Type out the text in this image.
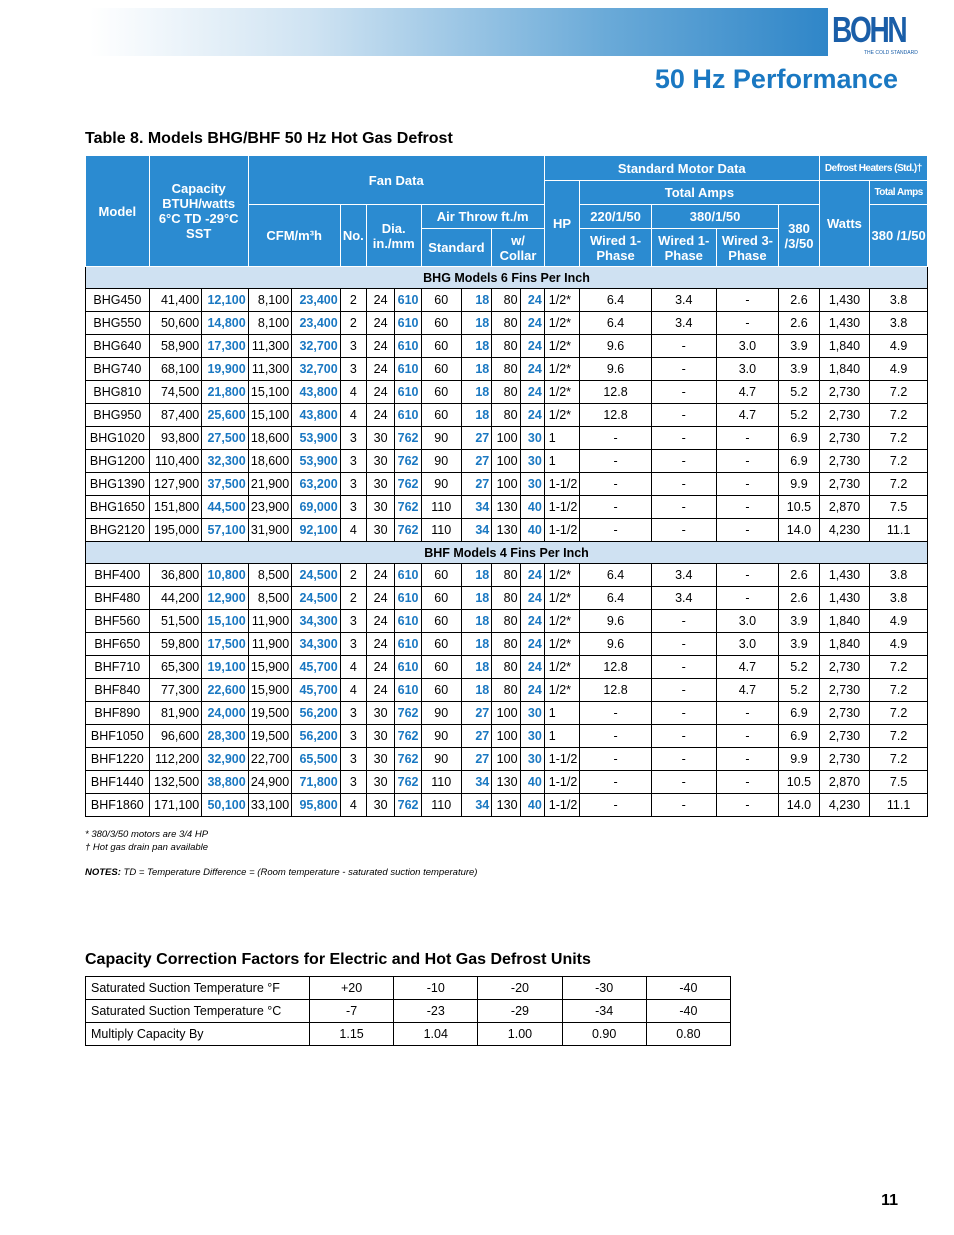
BOHN
THE COLD STANDARD
50 Hz Performance
Table 8. Models BHG/BHF 50 Hz Hot Gas Defrost
Model	Capacity BTUH/watts 6°C TD -29°C SST		Fan Data									Standard Motor Data					Defrost Heaters (Std.)†	
												HP	Total Amps				Watts	Total Amps
			CFM/m³h		No.	Dia. in./mm		Air Throw ft./m					220/1/50	380/1/50		380 /3/50		380 /1/50
								Standard		w/ Collar			Wired 1-Phase	Wired 1-Phase	Wired 3-Phase			
BHG Models 6 Fins Per Inch																		
BHG450	41,400	12,100	8,100	23,400	2	24	610	60	18	80	24	1/2*	6.4	3.4	-	2.6	1,430	3.8
BHG550	50,600	14,800	8,100	23,400	2	24	610	60	18	80	24	1/2*	6.4	3.4	-	2.6	1,430	3.8
BHG640	58,900	17,300	11,300	32,700	3	24	610	60	18	80	24	1/2*	9.6	-	3.0	3.9	1,840	4.9
BHG740	68,100	19,900	11,300	32,700	3	24	610	60	18	80	24	1/2*	9.6	-	3.0	3.9	1,840	4.9
BHG810	74,500	21,800	15,100	43,800	4	24	610	60	18	80	24	1/2*	12.8	-	4.7	5.2	2,730	7.2
BHG950	87,400	25,600	15,100	43,800	4	24	610	60	18	80	24	1/2*	12.8	-	4.7	5.2	2,730	7.2
BHG1020	93,800	27,500	18,600	53,900	3	30	762	90	27	100	30	1	-	-	-	6.9	2,730	7.2
BHG1200	110,400	32,300	18,600	53,900	3	30	762	90	27	100	30	1	-	-	-	6.9	2,730	7.2
BHG1390	127,900	37,500	21,900	63,200	3	30	762	90	27	100	30	1-1/2	-	-	-	9.9	2,730	7.2
BHG1650	151,800	44,500	23,900	69,000	3	30	762	110	34	130	40	1-1/2	-	-	-	10.5	2,870	7.5
BHG2120	195,000	57,100	31,900	92,100	4	30	762	110	34	130	40	1-1/2	-	-	-	14.0	4,230	11.1
BHF Models 4 Fins Per Inch																		
BHF400	36,800	10,800	8,500	24,500	2	24	610	60	18	80	24	1/2*	6.4	3.4	-	2.6	1,430	3.8
BHF480	44,200	12,900	8,500	24,500	2	24	610	60	18	80	24	1/2*	6.4	3.4	-	2.6	1,430	3.8
BHF560	51,500	15,100	11,900	34,300	3	24	610	60	18	80	24	1/2*	9.6	-	3.0	3.9	1,840	4.9
BHF650	59,800	17,500	11,900	34,300	3	24	610	60	18	80	24	1/2*	9.6	-	3.0	3.9	1,840	4.9
BHF710	65,300	19,100	15,900	45,700	4	24	610	60	18	80	24	1/2*	12.8	-	4.7	5.2	2,730	7.2
BHF840	77,300	22,600	15,900	45,700	4	24	610	60	18	80	24	1/2*	12.8	-	4.7	5.2	2,730	7.2
BHF890	81,900	24,000	19,500	56,200	3	30	762	90	27	100	30	1	-	-	-	6.9	2,730	7.2
BHF1050	96,600	28,300	19,500	56,200	3	30	762	90	27	100	30	1	-	-	-	6.9	2,730	7.2
BHF1220	112,200	32,900	22,700	65,500	3	30	762	90	27	100	30	1-1/2	-	-	-	9.9	2,730	7.2
BHF1440	132,500	38,800	24,900	71,800	3	30	762	110	34	130	40	1-1/2	-	-	-	10.5	2,870	7.5
BHF1860	171,100	50,100	33,100	95,800	4	30	762	110	34	130	40	1-1/2	-	-	-	14.0	4,230	11.1
* 380/3/50 motors are 3/4 HP
† Hot gas drain pan available
NOTES: TD = Temperature Difference = (Room temperature - saturated suction temperature)
Capacity Correction Factors for Electric and Hot Gas Defrost Units
Saturated Suction Temperature °F	+20	-10	-20	-30	-40
Saturated Suction Temperature °C	-7	-23	-29	-34	-40
Multiply Capacity By	1.15	1.04	1.00	0.90	0.80
11
